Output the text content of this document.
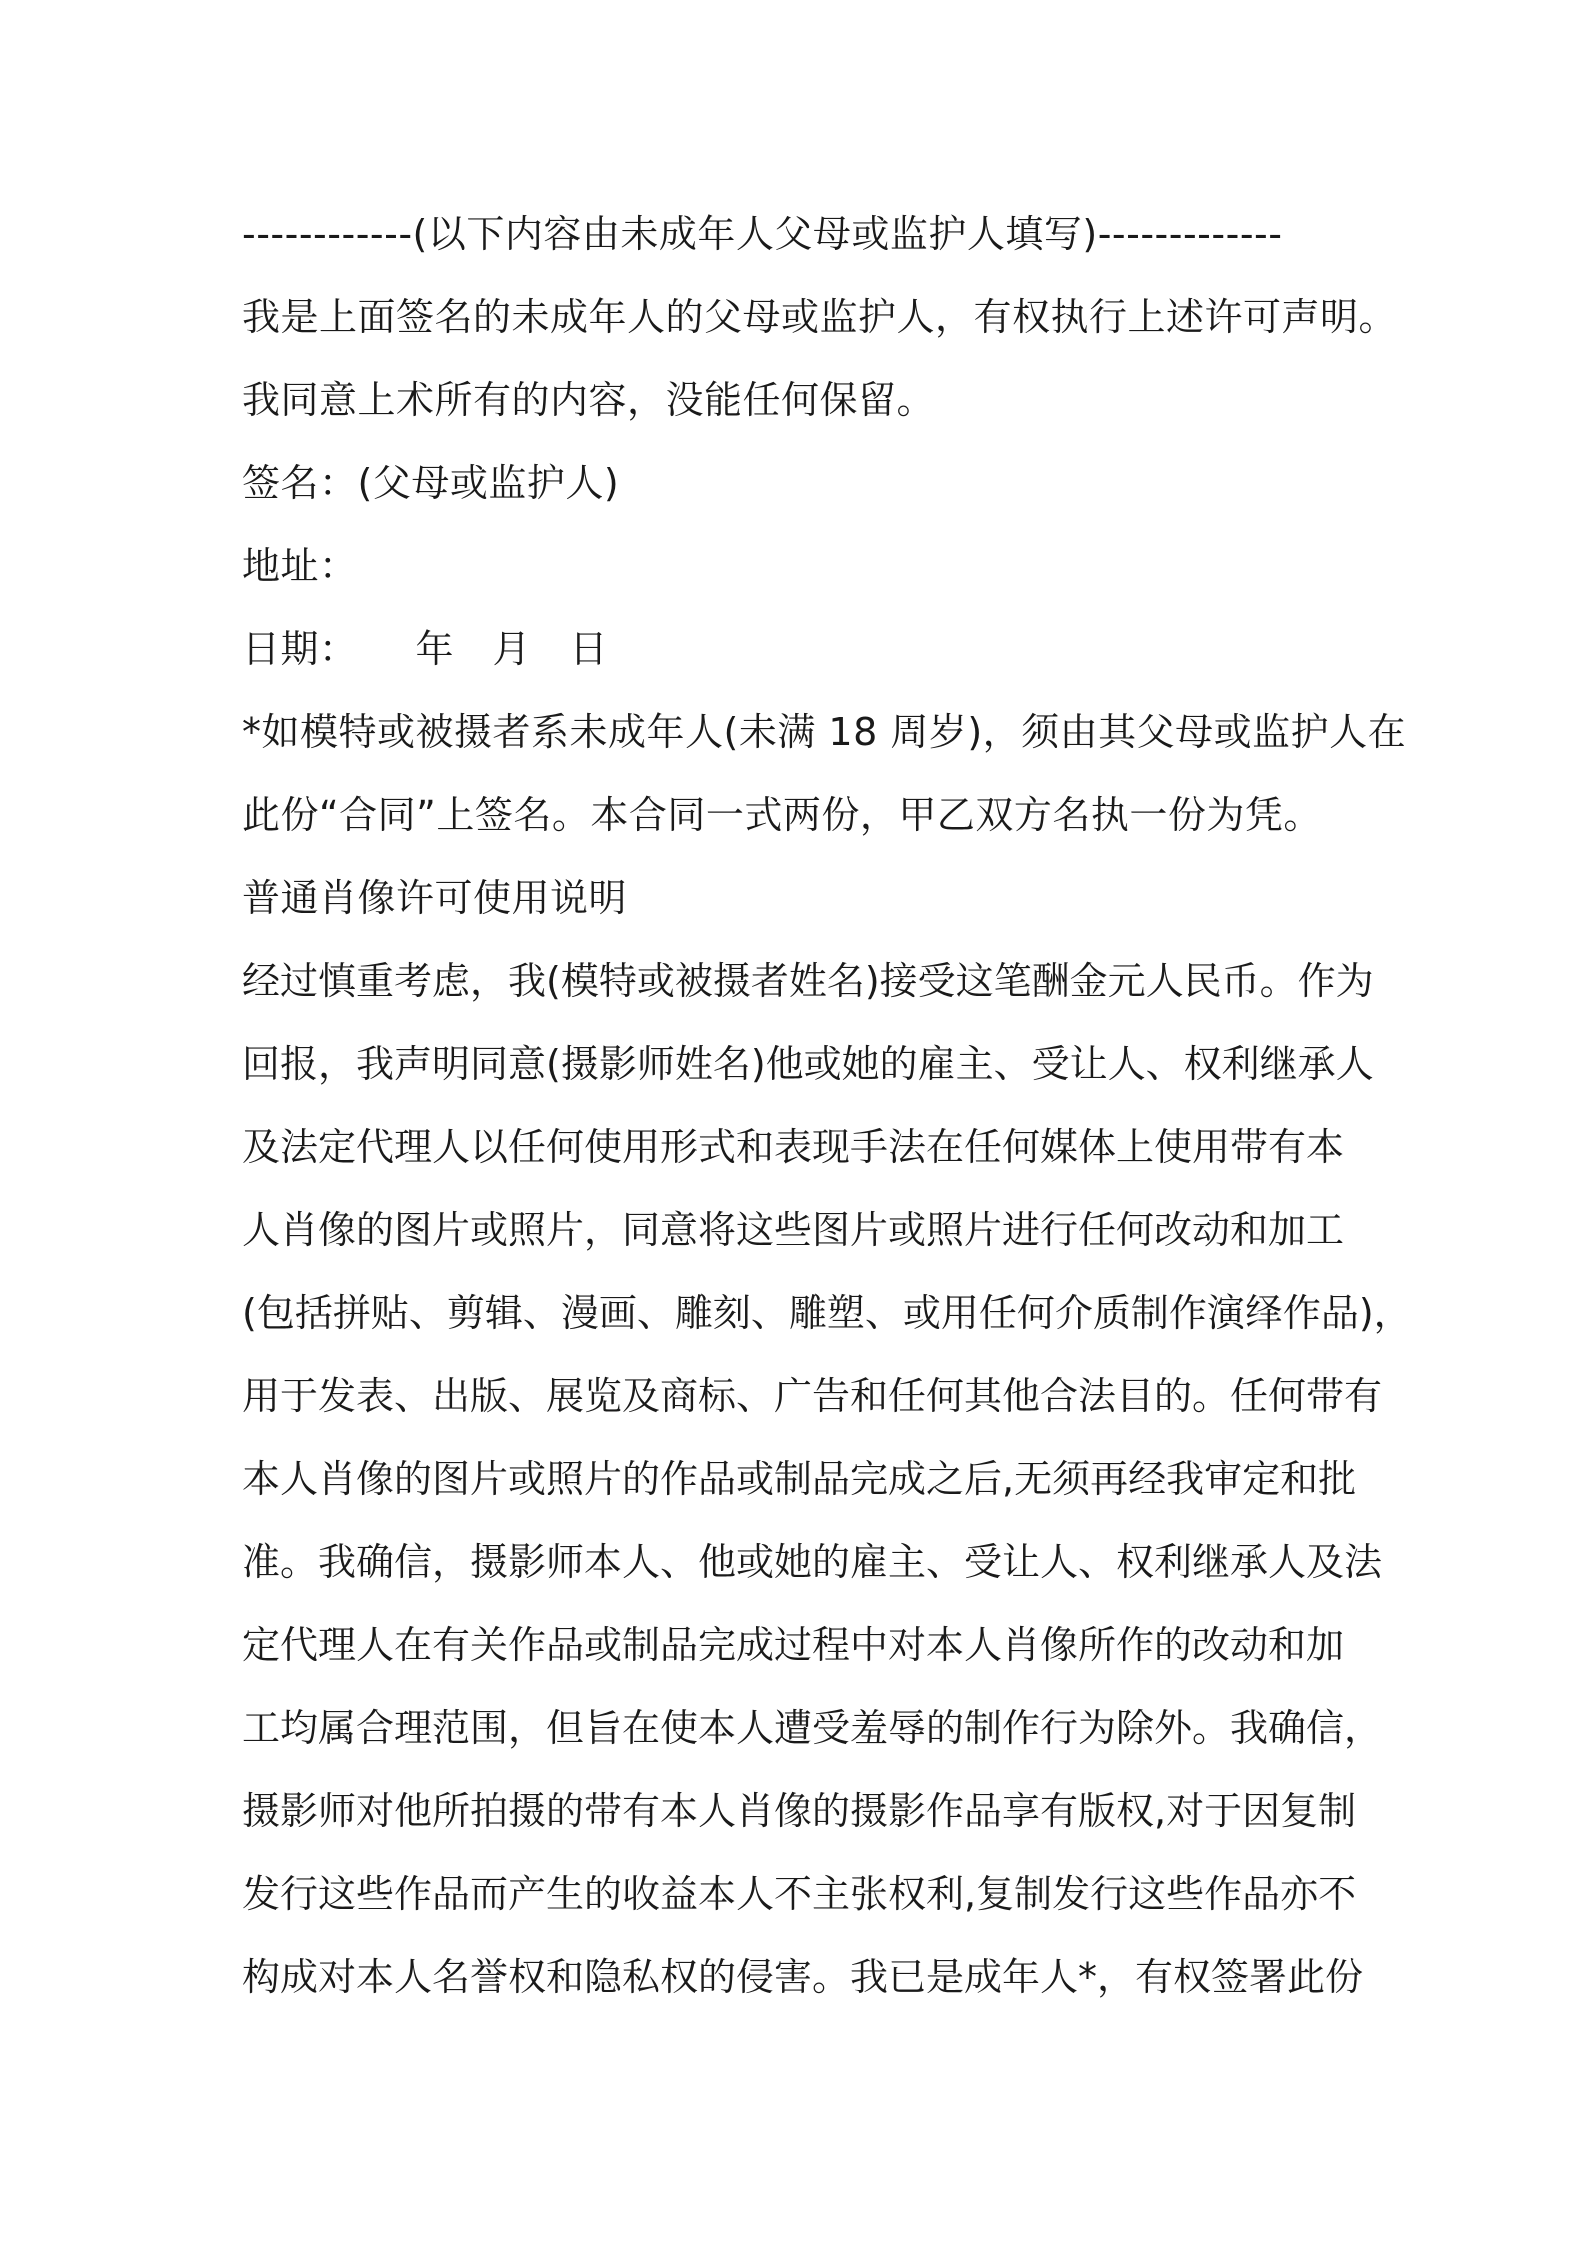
------------(以下内容由未成年人父母或监护人填写)-------------
我是上面签名的未成年人的父母或监护人，有权执行上述许可声明。
我同意上术所有的内容，没能任何保留。
签名：(父母或监护人)
地址：
日期：　　年　月　日
*如模特或被摄者系未成年人(未满 18 周岁)，须由其父母或监护人在
此份“合同”上签名。本合同一式两份，甲乙双方名执一份为凭。
普通肖像许可使用说明
经过慎重考虑，我(模特或被摄者姓名)接受这笔酬金元人民币。作为
回报，我声明同意(摄影师姓名)他或她的雇主、受让人、权利继承人
及法定代理人以任何使用形式和表现手法在任何媒体上使用带有本
人肖像的图片或照片，同意将这些图片或照片进行任何改动和加工
(包括拼贴、剪辑、漫画、雕刻、雕塑、或用任何介质制作演绎作品)，
用于发表、出版、展览及商标、广告和任何其他合法目的。任何带有
本人肖像的图片或照片的作品或制品完成之后,无须再经我审定和批
准。我确信，摄影师本人、他或她的雇主、受让人、权利继承人及法
定代理人在有关作品或制品完成过程中对本人肖像所作的改动和加
工均属合理范围，但旨在使本人遭受羞辱的制作行为除外。我确信，
摄影师对他所拍摄的带有本人肖像的摄影作品享有版权,对于因复制
发行这些作品而产生的收益本人不主张权利,复制发行这些作品亦不
构成对本人名誉权和隐私权的侵害。我已是成年人*，有权签署此份
